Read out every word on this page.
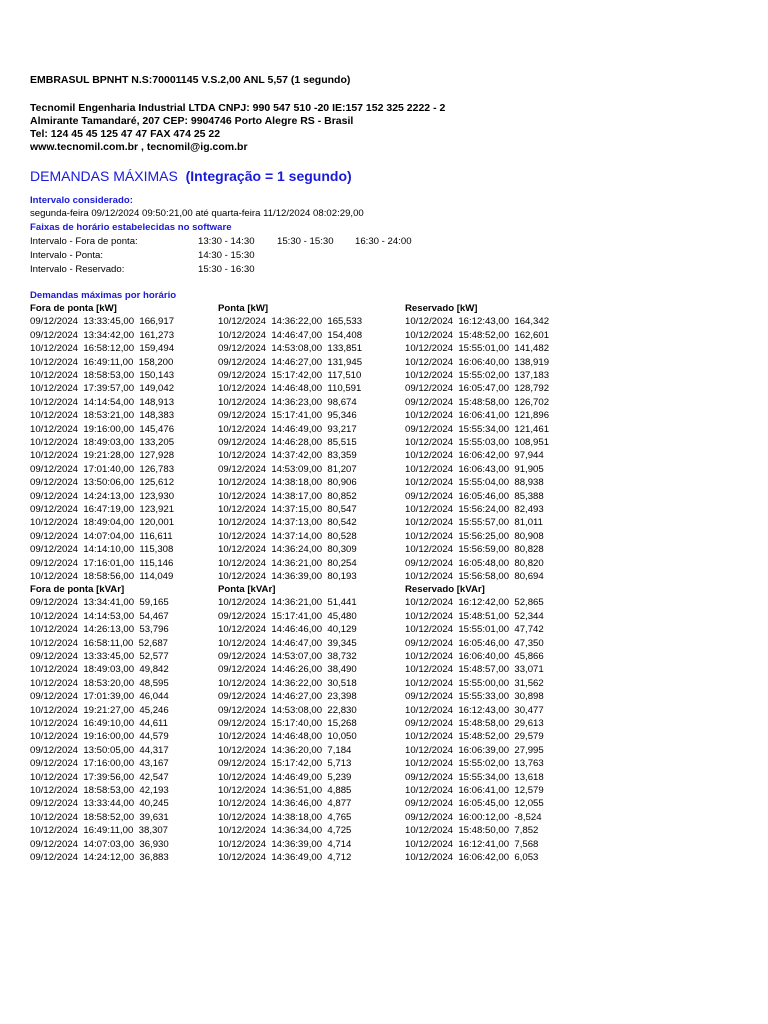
EMBRASUL BPNHT N.S:70001145 V.S.2,00 ANL 5,57 (1 segundo)
Tecnomil Engenharia Industrial LTDA CNPJ: 990 547 510 -20 IE:157 152 325 2222 - 2
Almirante Tamandaré, 207 CEP: 9904746 Porto Alegre RS - Brasil
Tel: 124 45 45 125 47 47 FAX 474 25 22
www.tecnomil.com.br , tecnomil@ig.com.br
DEMANDAS MÁXIMAS (Integração = 1 segundo)
Intervalo considerado:
segunda-feira 09/12/2024 09:50:21,00 até quarta-feira 11/12/2024 08:02:29,00
Faixas de horário estabelecidas no software
Intervalo - Fora de ponta:	13:30 - 14:30 15:30 - 15:30 16:30 - 24:00
Intervalo - Ponta:	14:30 - 15:30
Intervalo - Reservado:	15:30 - 16:30
Demandas máximas por horário
Fora de ponta [kW]	Ponta [kW]	Reservado [kW]
09/12/2024  13:33:45,00  166,917	10/12/2024  14:36:22,00  165,533	10/12/2024  16:12:43,00  164,342
09/12/2024  13:34:42,00  161,273	10/12/2024  14:46:47,00  154,408	10/12/2024  15:48:52,00  162,601
10/12/2024  16:58:12,00  159,494	09/12/2024  14:53:08,00  133,851	10/12/2024  15:55:01,00  141,482
10/12/2024  16:49:11,00  158,200	09/12/2024  14:46:27,00  131,945	10/12/2024  16:06:40,00  138,919
10/12/2024  18:58:53,00  150,143	09/12/2024  15:17:42,00  117,510	10/12/2024  15:55:02,00  137,183
10/12/2024  17:39:57,00  149,042	10/12/2024  14:46:48,00  110,591	09/12/2024  16:05:47,00  128,792
10/12/2024  14:14:54,00  148,913	10/12/2024  14:36:23,00  98,674	09/12/2024  15:48:58,00  126,702
10/12/2024  18:53:21,00  148,383	09/12/2024  15:17:41,00  95,346	10/12/2024  16:06:41,00  121,896
10/12/2024  19:16:00,00  145,476	10/12/2024  14:46:49,00  93,217	09/12/2024  15:55:34,00  121,461
10/12/2024  18:49:03,00  133,205	09/12/2024  14:46:28,00  85,515	10/12/2024  15:55:03,00  108,951
10/12/2024  19:21:28,00  127,928	10/12/2024  14:37:42,00  83,359	10/12/2024  16:06:42,00  97,944
09/12/2024  17:01:40,00  126,783	09/12/2024  14:53:09,00  81,207	10/12/2024  16:06:43,00  91,905
09/12/2024  13:50:06,00  125,612	10/12/2024  14:38:18,00  80,906	10/12/2024  15:55:04,00  88,938
09/12/2024  14:24:13,00  123,930	10/12/2024  14:38:17,00  80,852	09/12/2024  16:05:46,00  85,388
09/12/2024  16:47:19,00  123,921	10/12/2024  14:37:15,00  80,547	10/12/2024  15:56:24,00  82,493
10/12/2024  18:49:04,00  120,001	10/12/2024  14:37:13,00  80,542	10/12/2024  15:55:57,00  81,011
09/12/2024  14:07:04,00  116,611	10/12/2024  14:37:14,00  80,528	10/12/2024  15:56:25,00  80,908
09/12/2024  14:14:10,00  115,308	10/12/2024  14:36:24,00  80,309	10/12/2024  15:56:59,00  80,828
09/12/2024  17:16:01,00  115,146	10/12/2024  14:36:21,00  80,254	09/12/2024  16:05:48,00  80,820
10/12/2024  18:58:56,00  114,049	10/12/2024  14:36:39,00  80,193	10/12/2024  15:56:58,00  80,694
Fora de ponta [kVAr]	Ponta [kVAr]	Reservado [kVAr]
09/12/2024  13:34:41,00  59,165	10/12/2024  14:36:21,00  51,441	10/12/2024  16:12:42,00  52,865
10/12/2024  14:14:53,00  54,467	09/12/2024  15:17:41,00  45,480	10/12/2024  15:48:51,00  52,344
10/12/2024  14:26:13,00  53,796	10/12/2024  14:46:46,00  40,129	10/12/2024  15:55:01,00  47,742
10/12/2024  16:58:11,00  52,687	10/12/2024  14:46:47,00  39,345	09/12/2024  16:05:46,00  47,350
09/12/2024  13:33:45,00  52,577	09/12/2024  14:53:07,00  38,732	10/12/2024  16:06:40,00  45,866
10/12/2024  18:49:03,00  49,842	09/12/2024  14:46:26,00  38,490	10/12/2024  15:48:57,00  33,071
10/12/2024  18:53:20,00  48,595	10/12/2024  14:36:22,00  30,518	10/12/2024  15:55:00,00  31,562
09/12/2024  17:01:39,00  46,044	09/12/2024  14:46:27,00  23,398	09/12/2024  15:55:33,00  30,898
10/12/2024  19:21:27,00  45,246	09/12/2024  14:53:08,00  22,830	10/12/2024  16:12:43,00  30,477
10/12/2024  16:49:10,00  44,611	09/12/2024  15:17:40,00  15,268	09/12/2024  15:48:58,00  29,613
10/12/2024  19:16:00,00  44,579	10/12/2024  14:46:48,00  10,050	10/12/2024  15:48:52,00  29,579
09/12/2024  13:50:05,00  44,317	10/12/2024  14:36:20,00  7,184	10/12/2024  16:06:39,00  27,995
09/12/2024  17:16:00,00  43,167	09/12/2024  15:17:42,00  5,713	10/12/2024  15:55:02,00  13,763
10/12/2024  17:39:56,00  42,547	10/12/2024  14:46:49,00  5,239	09/12/2024  15:55:34,00  13,618
10/12/2024  18:58:53,00  42,193	10/12/2024  14:36:51,00  4,885	10/12/2024  16:06:41,00  12,579
09/12/2024  13:33:44,00  40,245	10/12/2024  14:36:46,00  4,877	09/12/2024  16:05:45,00  12,055
10/12/2024  18:58:52,00  39,631	10/12/2024  14:38:18,00  4,765	09/12/2024  16:00:12,00  -8,524
10/12/2024  16:49:11,00  38,307	10/12/2024  14:36:34,00  4,725	10/12/2024  15:48:50,00  7,852
09/12/2024  14:07:03,00  36,930	10/12/2024  14:36:39,00  4,714	10/12/2024  16:12:41,00  7,568
09/12/2024  14:24:12,00  36,883	10/12/2024  14:36:49,00  4,712	10/12/2024  16:06:42,00  6,053
